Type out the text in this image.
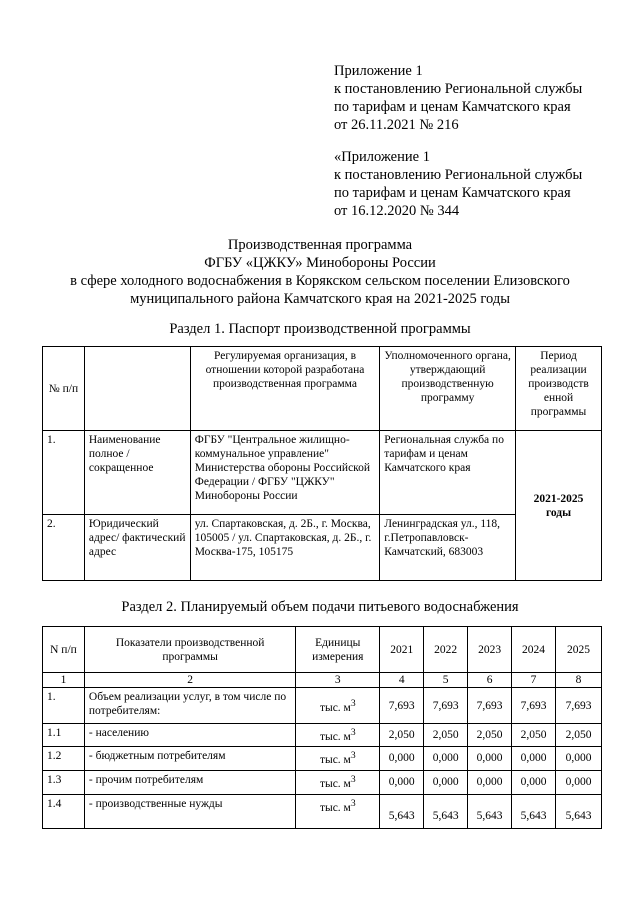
Приложение 1
к постановлению Региональной службы
по тарифам и ценам Камчатского края
от 26.11.2021 № 216
«Приложение 1
к постановлению Региональной службы
по тарифам и ценам Камчатского края
от 16.12.2020 № 344
Производственная программа
ФГБУ «ЦЖКУ» Минобороны России
в сфере холодного водоснабжения в Корякском сельском поселении Елизовского
муниципального района Камчатского края на 2021-2025 годы
Раздел 1. Паспорт производственной программы
№ п/п		Регулируемая организация, в отношении которой разработана производственная программа	Уполномоченного органа, утверждающий производственную программу	Период реализации производств енной программы
1.	Наименование полное / сокращенное	ФГБУ "Центральное жилищно-коммунальное управление" Министерства обороны Российской Федерации / ФГБУ "ЦЖКУ" Минобороны России	Региональная служба по тарифам и ценам Камчатского края	2021-2025 годы
2.	Юридический адрес/ фактический адрес	ул. Спартаковская, д. 2Б., г. Москва, 105005 / ул. Спартаковская, д. 2Б., г. Москва-175, 105175	Ленинградская ул., 118, г.Петропавловск-Камчатский, 683003	
Раздел 2. Планируемый объем подачи питьевого водоснабжения
N п/п	Показатели производственной программы	Единицы измерения	2021	2022	2023	2024	2025
1	2	3	4	5	6	7	8
1.	Объем реализации услуг, в том числе по потребителям:	тыс. $м^3$	7,693	7,693	7,693	7,693	7,693
1.1	- населению	тыс. $м^3$	2,050	2,050	2,050	2,050	2,050
1.2	- бюджетным потребителям	тыс. $м^3$	0,000	0,000	0,000	0,000	0,000
1.3	- прочим потребителям	тыс. $м^3$	0,000	0,000	0,000	0,000	0,000
1.4	- производственные нужды	тыс. $м^3$	5,643	5,643	5,643	5,643	5,643
